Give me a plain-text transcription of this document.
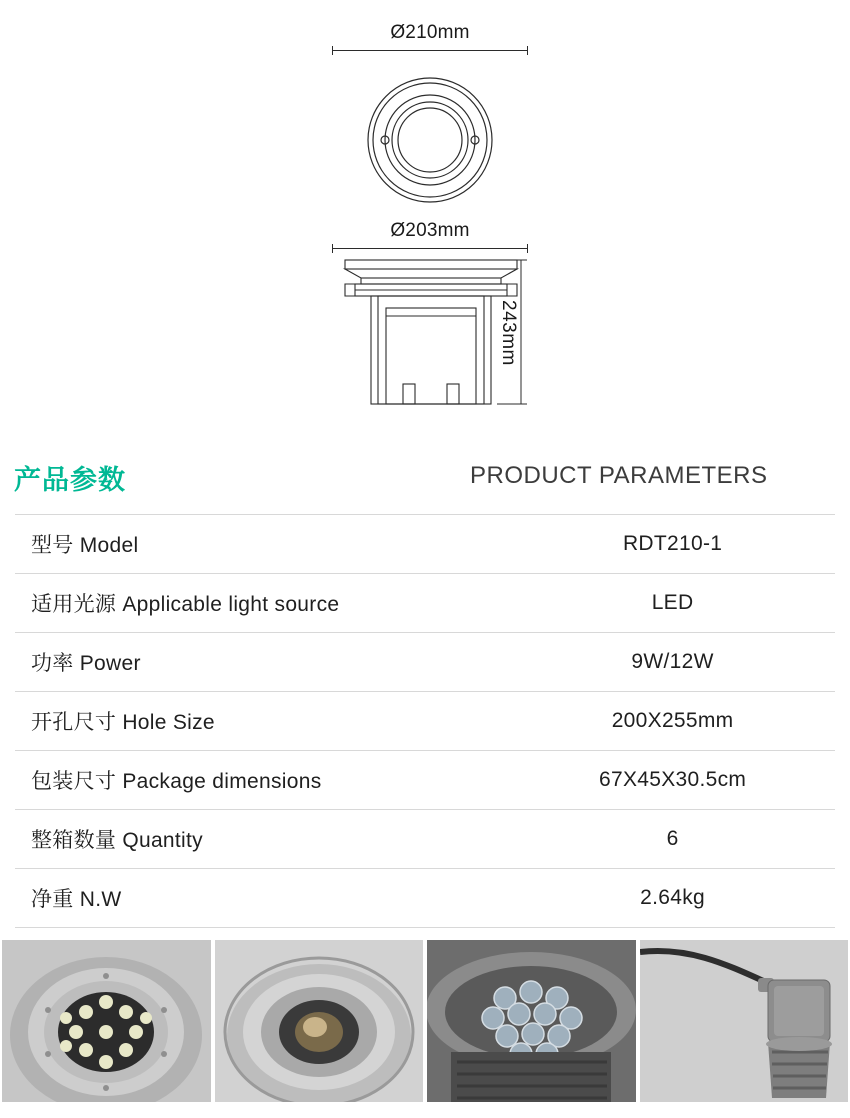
Ø210mm
Ø203mm
243mm
产品参数	PRODUCT PARAMETERS
型号 Model	RDT210-1
适用光源 Applicable light source	LED
功率 Power	9W/12W
开孔尺寸 Hole Size	200X255mm
包装尺寸 Package dimensions	67X45X30.5cm
整箱数量 Quantity	6
净重 N.W	2.64kg
